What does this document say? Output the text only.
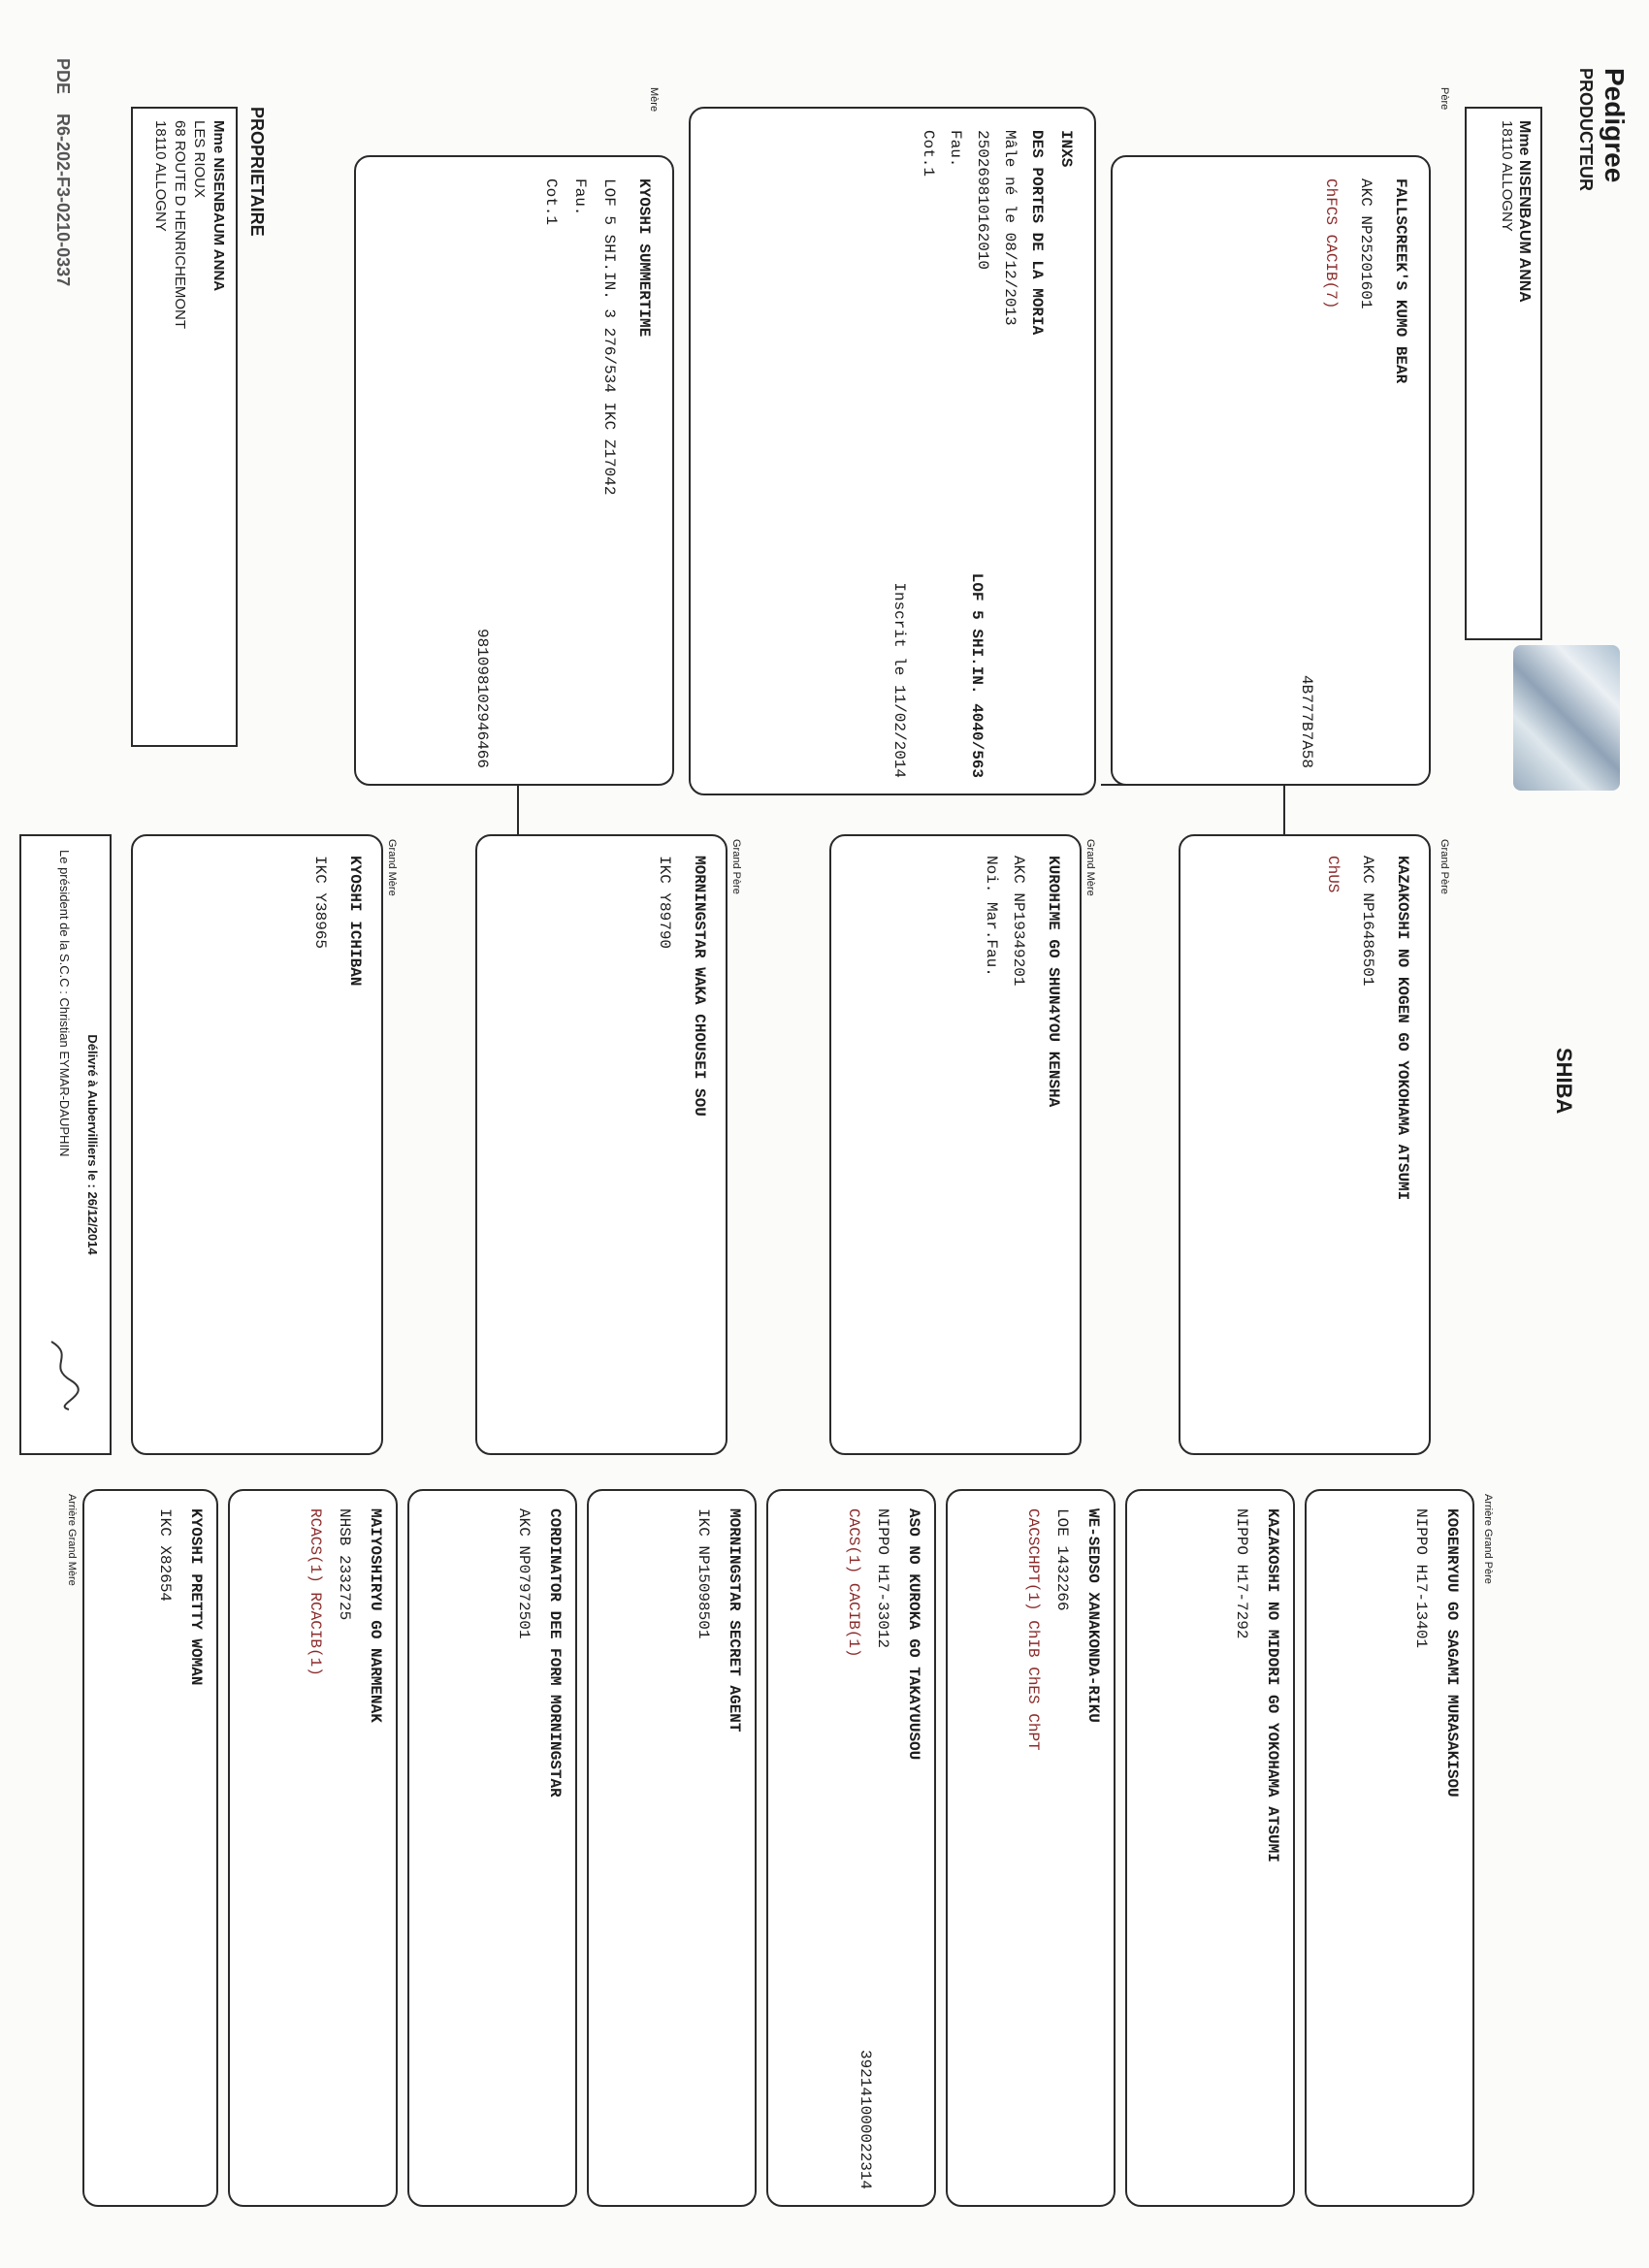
Pedigree
PRODUCTEUR
Mme NISENBAUM ANNA
18110 ALLOGNY
SHIBA
Père
FALLSCREEK'S KUMO BEAR
AKC NP25201601
ChFCS CACIB(7)
4B777B7A58
INXS
DES PORTES DE LA MORIA
Mâle né le 08/12/2013
250269810162010
Fau.
Cot.1
LOF 5 SHI.IN. 4040/563
Inscrit le 11/02/2014
Mère
KYOSHI SUMMERTIME
LOF 5 SHI.IN. 3 276/534 IKC Z17042
Fau.
Cot.1
981098102946466
PROPRIETAIRE
Mme NISENBAUM ANNA
LES RIOUX
68 ROUTE D HENRICHEMONT
18110 ALLOGNY
PDE    R6-202-F3-0210-0337
Grand Père
KAZAKOSHI NO KOGEN GO YOKOHAMA ATSUMI
AKC NP16486501
ChUS
Grand Mère
KUROHIME GO SHUN4YOU KENSHA
AKC NP19349201
Noi. Mar.Fau.
Grand Père
MORNINGSTAR WAKA CHOUSEI SOU
IKC Y89790
Grand Mère
KYOSHI ICHIBAN
IKC Y38965
Délivré à Aubervilliers le : 26/12/2014
Le président de la S.C.C : Christian EYMAR-DAUPHIN
Arrière Grand Père
KOGENRYUU GO SAGAMI MURASAKISOU
NIPPO H17-13401
KAZAKOSHI NO MIDORI GO YOKOHAMA ATSUMI
NIPPO H17-7292
WE-SEDSO XANAKONDA-RIKU
LOE 1432266
CACSCHPT(1) ChIB ChES ChPT
ASO NO KUROKA GO TAKAYUUSOU
NIPPO H17-33012
CACS(1) CACIB(1)
392141000022314
MORNINGSTAR SECRET AGENT
IKC NP15098501
CORDINATOR DEE FORM MORNINGSTAR
AKC NP07972501
MAIYOSHIRYU GO NARMENAK
NHSB 2332725
RCACS(1) RCACIB(1)
Arrière Grand Mère	KYOSHI PRETTY WOMAN
IKC X82654
